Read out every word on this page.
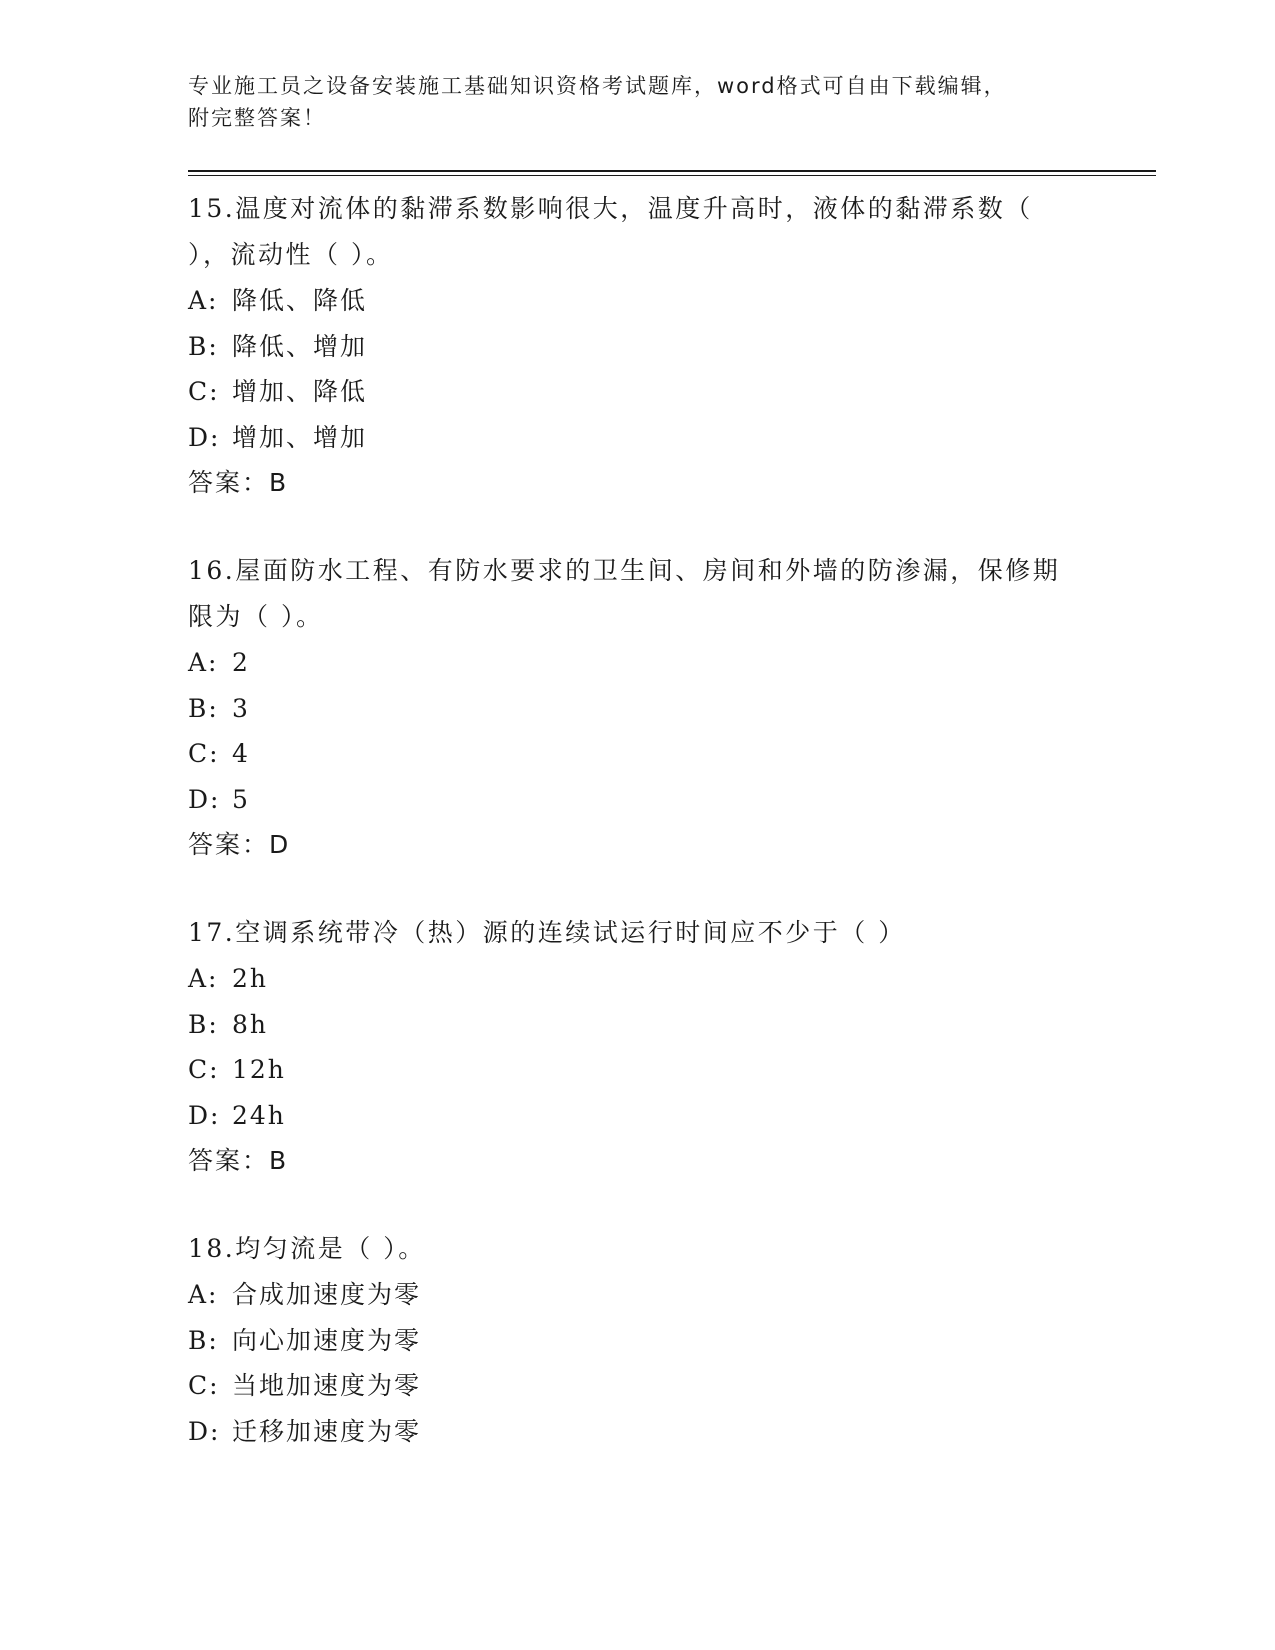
专业施工员之设备安装施工基础知识资格考试题库，word格式可自由下载编辑，
附完整答案！

15.温度对流体的黏滞系数影响很大，温度升高时，液体的黏滞系数（ ），流动性（ ）。

A: 降低、降低

B: 降低、增加

C: 增加、降低

D: 增加、增加

答案：B

16.屋面防水工程、有防水要求的卫生间、房间和外墙的防渗漏，保修期限为（ ）。

A: 2

B: 3

C: 4

D: 5

答案：D

17.空调系统带冷（热）源的连续试运行时间应不少于（ ）

A: 2h

B: 8h

C: 12h

D: 24h

答案：B

18.均匀流是（ ）。

A: 合成加速度为零

B: 向心加速度为零

C: 当地加速度为零

D: 迁移加速度为零
